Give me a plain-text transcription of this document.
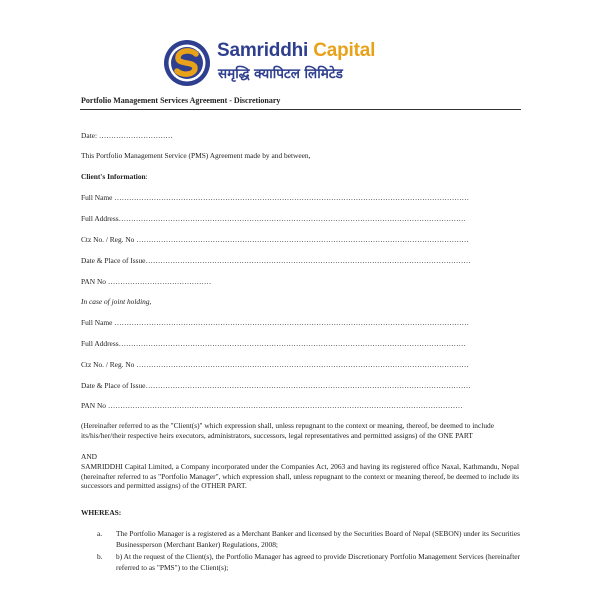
Samriddhi Capital
समृद्धि क्यापिटल लिमिटेड
Portfolio Management Services Agreement - Discretionary
Date: …………………………
This Portfolio Management Service (PMS) Agreement made by and between,
Client's Information:
Full Name ………………………………………………………………………………………………………………………………
Full Address……………………………………………………………………………………………………………………………
Ctz No. / Reg. No ………………………………………………………………………………………………………………………
Date & Place of Issue……………………………………………………………………………………………………………………
PAN No ……………………………………
In case of joint holding,
Full Name ………………………………………………………………………………………………………………………………
Full Address……………………………………………………………………………………………………………………………
Ctz No. / Reg. No ………………………………………………………………………………………………………………………
Date & Place of Issue……………………………………………………………………………………………………………………
PAN No ………………………………………………………………………………………………………………………………
(Hereinafter referred to as the "Client(s)" which expression shall, unless repugnant to the context or meaning, thereof, be deemed to include its/his/her/their respective heirs executors, administrators, successors, legal representatives and permitted assigns) of the ONE PART
AND
SAMRIDDHI Capital Limited, a Company incorporated under the Companies Act, 2063 and having its registered office Naxal, Kathmandu, Nepal (hereinafter referred to as "Portfolio Manager", which expression shall, unless repugnant to the context or meaning thereof, be deemed to include its successors and permitted assigns) of the OTHER PART.
WHEREAS:
a. The Portfolio Manager is a registered as a Merchant Banker and licensed by the Securities Board of Nepal (SEBON) under its Securities Businessperson (Merchant Banker) Regulations, 2008;
b. b) At the request of the Client(s), the Portfolio Manager has agreed to provide Discretionary Portfolio Management Services (hereinafter referred to as "PMS") to the Client(s);
